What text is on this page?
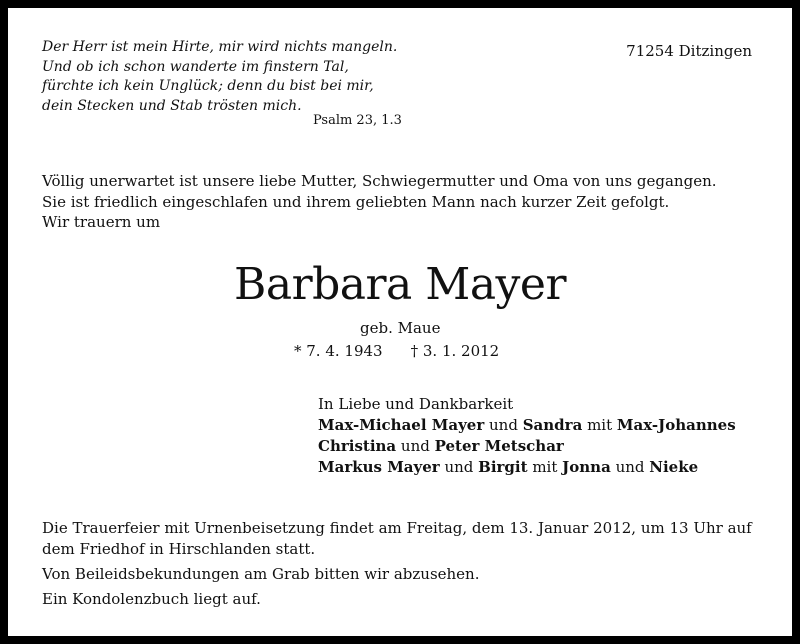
Der Herr ist mein Hirte, mir wird nichts mangeln.
Und ob ich schon wanderte im finstern Tal,
fürchte ich kein Unglück; denn du bist bei mir,
dein Stecken und Stab trösten mich.
Psalm 23, 1.3
71254 Ditzingen
Völlig unerwartet ist unsere liebe Mutter, Schwiegermutter und Oma von uns gegangen.
Sie ist friedlich eingeschlafen und ihrem geliebten Mann nach kurzer Zeit gefolgt.
Wir trauern um
Barbara Mayer
geb. Maue
* 7. 4. 1943 † 3. 1. 2012
In Liebe und Dankbarkeit
Max-Michael Mayer und Sandra mit Max-Johannes
Christina und Peter Metschar
Markus Mayer und Birgit mit Jonna und Nieke
Die Trauerfeier mit Urnenbeisetzung findet am Freitag, dem 13. Januar 2012, um 13 Uhr auf
dem Friedhof in Hirschlanden statt.
Von Beileidsbekundungen am Grab bitten wir abzusehen.
Ein Kondolenzbuch liegt auf.
